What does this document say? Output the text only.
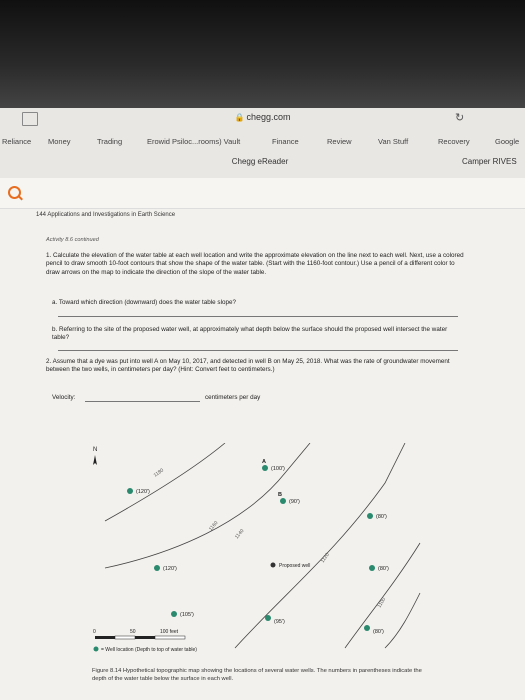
🔒 chegg.com	↻
Reliance Money	Trading	Erowid Psiloc...rooms) Vault	Finance	Review	Van Stuff	Recovery	Google
Chegg eReader	Camper RIVES
144 Applications and Investigations in Earth Science
Activity 8.6 continued
1. Calculate the elevation of the water table at each well location and write the approximate elevation on the line next to each well. Next, use a colored pencil to draw smooth 10-foot contours that show the shape of the water table. (Start with the 1160-foot contour.) Use a pencil of a different color to draw arrows on the map to indicate the direction of the slope of the water table.
a. Toward which direction (downward) does the water table slope?
b. Referring to the site of the proposed water well, at approximately what depth below the surface should the proposed well intersect the water table?
2. Assume that a dye was put into well A on May 10, 2017, and detected in well B on May 25, 2018. What was the rate of groundwater movement between the two wells, in centimeters per day? (Hint: Convert feet to centimeters.)
Velocity:	centimeters per day
1180
1160
1140
1120
1100
N
(120')
(100')
A
(90')
B
(80')
(120')	(80')
(105')
(95')
(80')
Proposed well
0	50	100 feet
= Well location (Depth to top of water table)
Figure 8.14 Hypothetical topographic map showing the locations of several water wells. The numbers in parentheses indicate the depth of the water table below the surface in each well.
